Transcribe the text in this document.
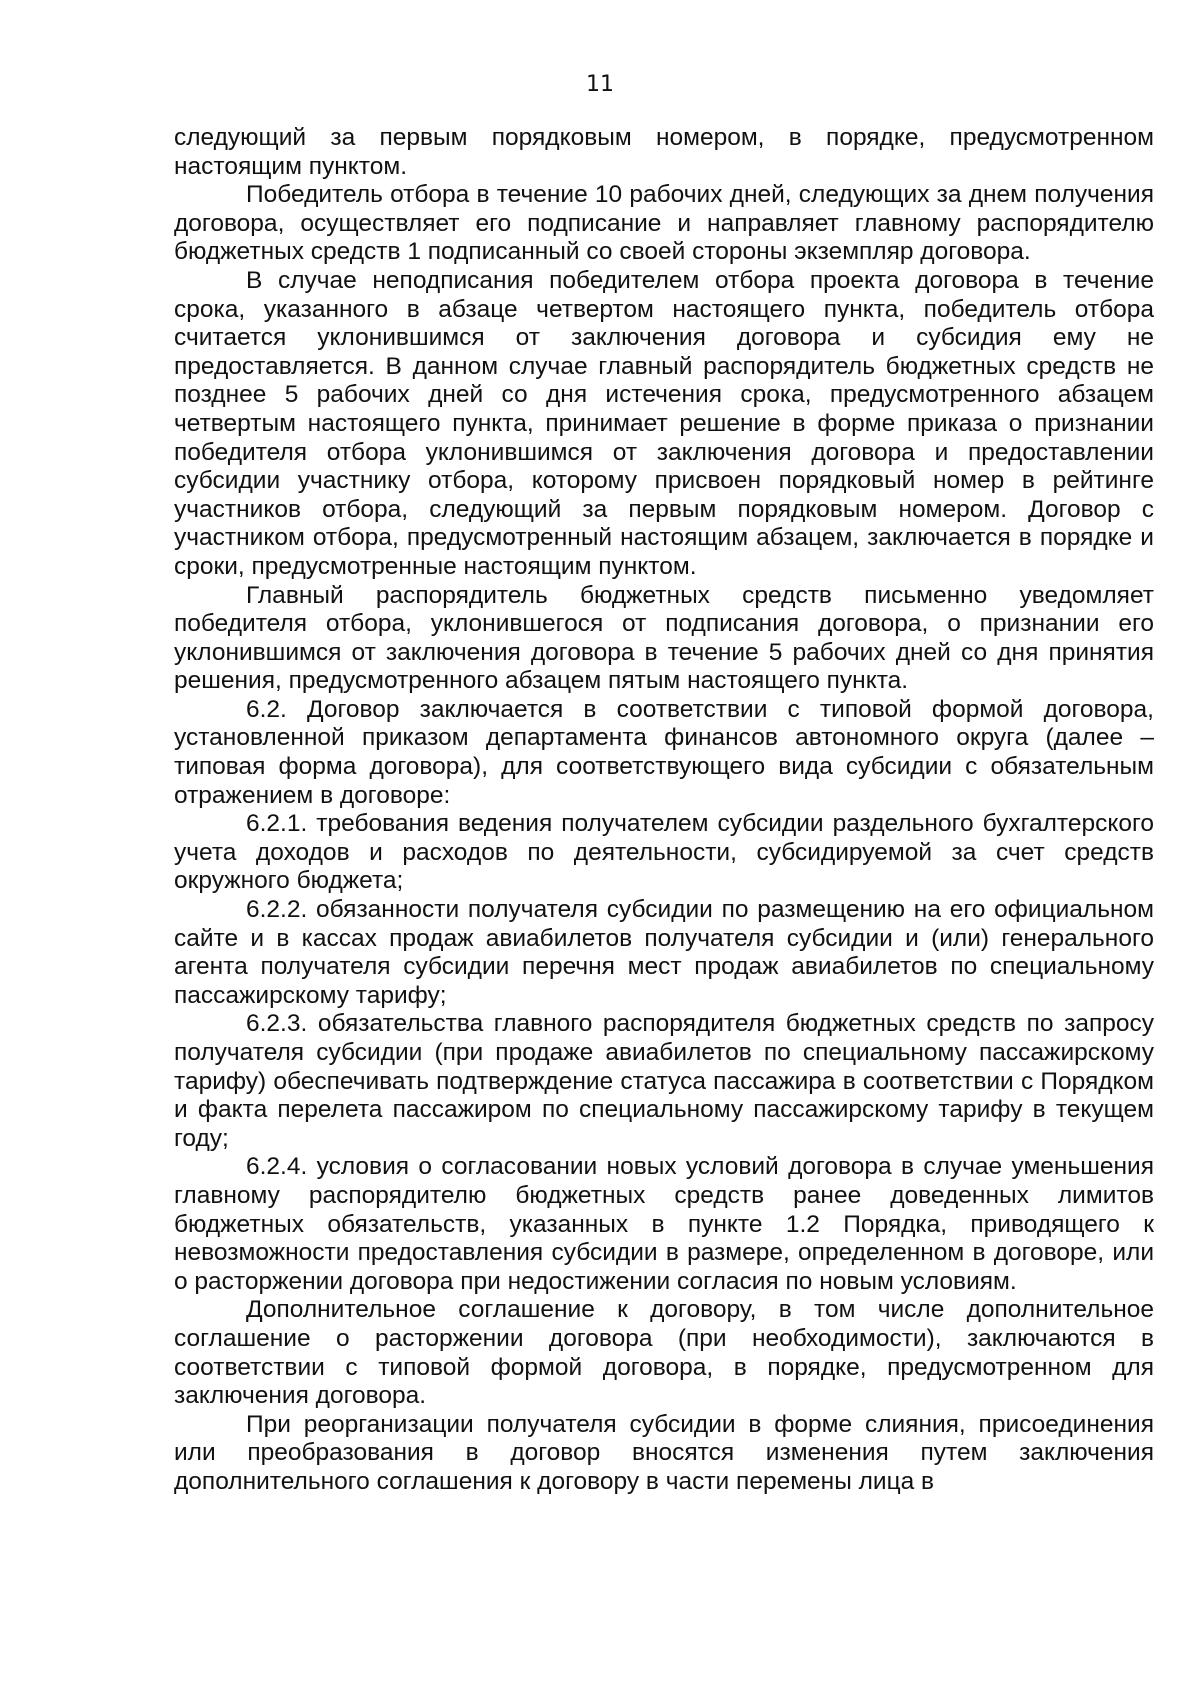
11

следующий за первым порядковым номером, в порядке, предусмотренном настоящим пунктом.

Победитель отбора в течение 10 рабочих дней, следующих за днем получения договора, осуществляет его подписание и направляет главному распорядителю бюджетных средств 1 подписанный со своей стороны экземпляр договора.

В случае неподписания победителем отбора проекта договора в течение срока, указанного в абзаце четвертом настоящего пункта, победитель отбора считается уклонившимся от заключения договора и субсидия ему не предоставляется. В данном случае главный распорядитель бюджетных средств не позднее 5 рабочих дней со дня истечения срока, предусмотренного абзацем четвертым настоящего пункта, принимает решение в форме приказа о признании победителя отбора уклонившимся от заключения договора и предоставлении субсидии участнику отбора, которому присвоен порядковый номер в рейтинге участников отбора, следующий за первым порядковым номером. Договор с участником отбора, предусмотренный настоящим абзацем, заключается в порядке и сроки, предусмотренные настоящим пунктом.

Главный распорядитель бюджетных средств письменно уведомляет победителя отбора, уклонившегося от подписания договора, о признании его уклонившимся от заключения договора в течение 5 рабочих дней со дня принятия решения, предусмотренного абзацем пятым настоящего пункта.

6.2. Договор заключается в соответствии с типовой формой договора, установленной приказом департамента финансов автономного округа (далее – типовая форма договора), для соответствующего вида субсидии с обязательным отражением в договоре:

6.2.1. требования ведения получателем субсидии раздельного бухгалтерского учета доходов и расходов по деятельности, субсидируемой за счет средств окружного бюджета;

6.2.2. обязанности получателя субсидии по размещению на его официальном сайте и в кассах продаж авиабилетов получателя субсидии и (или) генерального агента получателя субсидии перечня мест продаж авиабилетов по специальному пассажирскому тарифу;

6.2.3. обязательства главного распорядителя бюджетных средств по запросу получателя субсидии (при продаже авиабилетов по специальному пассажирскому тарифу) обеспечивать подтверждение статуса пассажира в соответствии с Порядком и факта перелета пассажиром по специальному пассажирскому тарифу в текущем году;

6.2.4. условия о согласовании новых условий договора в случае уменьшения главному распорядителю бюджетных средств ранее доведенных лимитов бюджетных обязательств, указанных в пункте 1.2 Порядка, приводящего к невозможности предоставления субсидии в размере, определенном в договоре, или о расторжении договора при недостижении согласия по новым условиям.

Дополнительное соглашение к договору, в том числе дополнительное соглашение о расторжении договора (при необходимости), заключаются в соответствии с типовой формой договора, в порядке, предусмотренном для заключения договора.

При реорганизации получателя субсидии в форме слияния, присоединения или преобразования в договор вносятся изменения путем заключения дополнительного соглашения к договору в части перемены лица в
